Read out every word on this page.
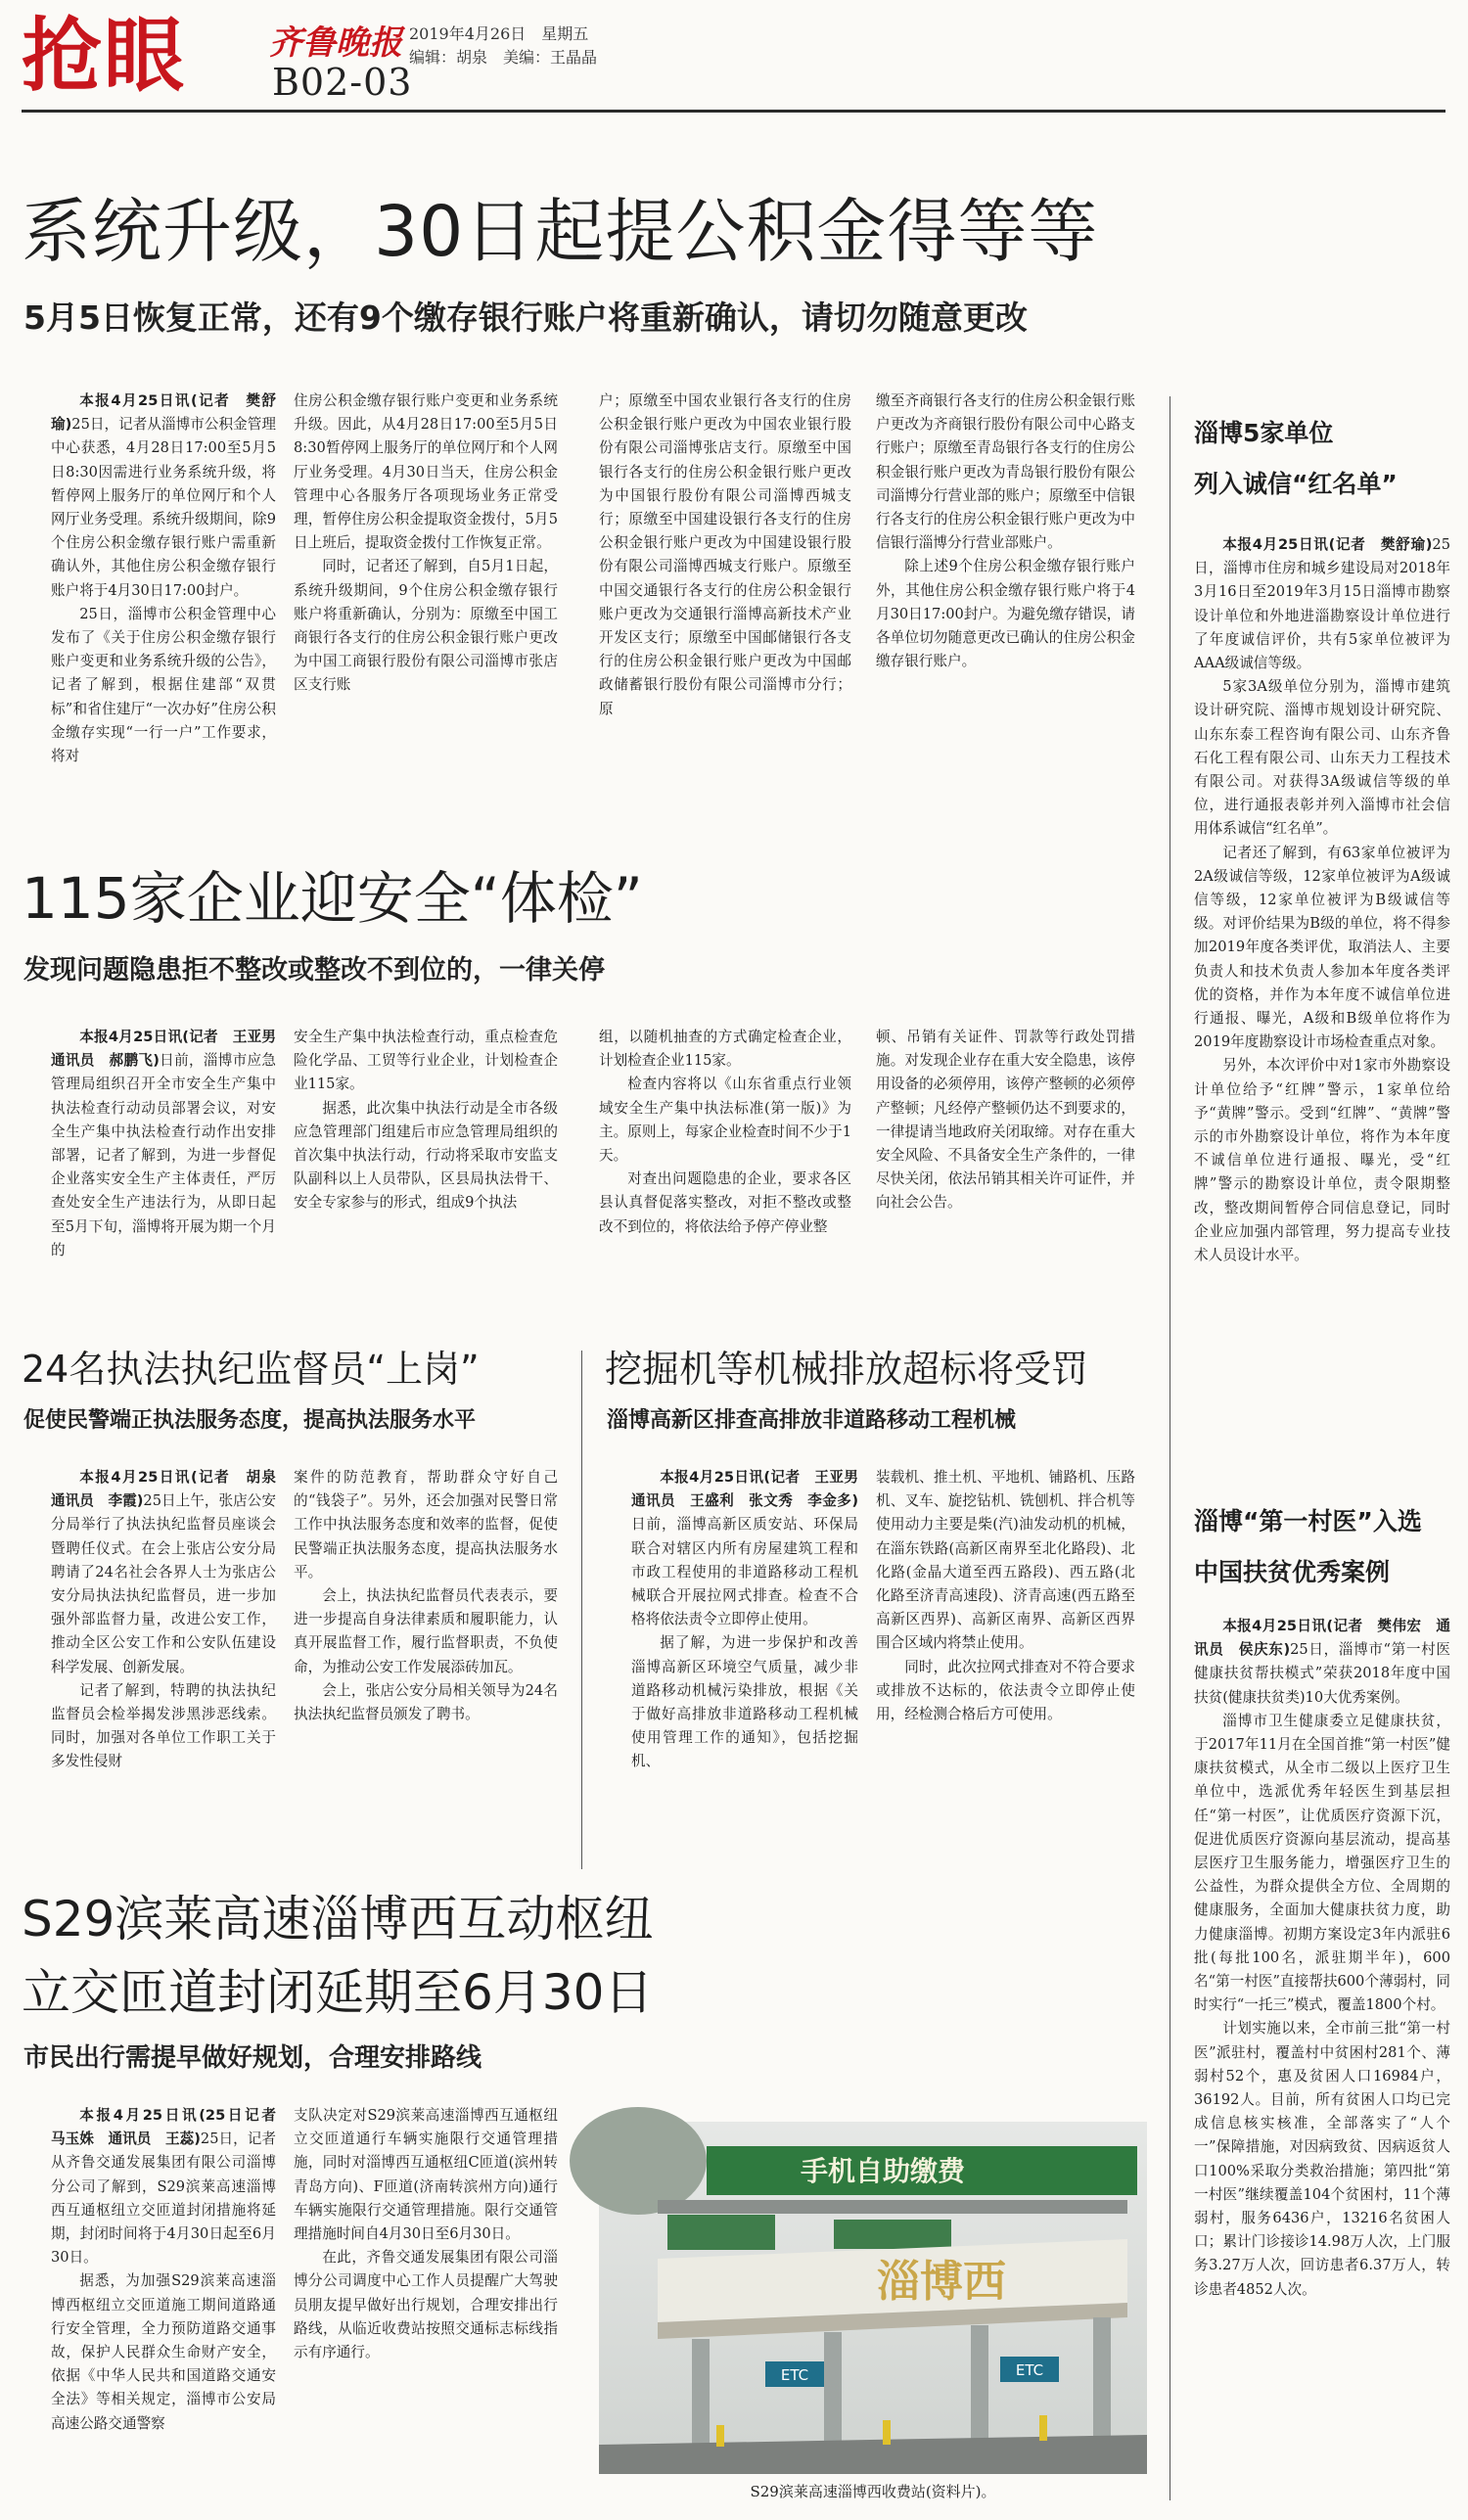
抢眼 齐鲁晚报
B02-03
2019年4月26日　星期五
编辑：胡泉　美编：王晶晶
系统升级，30日起提公积金得等等
5月5日恢复正常，还有9个缴存银行账户将重新确认，请切勿随意更改

本报4月25日讯(记者　樊舒瑜)25日，记者从淄博市公积金管理中心获悉，4月28日17:00至5月5日8:30因需进行业务系统升级，将暂停网上服务厅的单位网厅和个人网厅业务受理。系统升级期间，除9个住房公积金缴存银行账户需重新确认外，其他住房公积金缴存银行账户将于4月30日17:00封户。

25日，淄博市公积金管理中心发布了《关于住房公积金缴存银行账户变更和业务系统升级的公告》，记者了解到，根据住建部“双贯标”和省住建厅“一次办好”住房公积金缴存实现“一行一户”工作要求，将对

住房公积金缴存银行账户变更和业务系统升级。因此，从4月28日17:00至5月5日8:30暂停网上服务厅的单位网厅和个人网厅业务受理。4月30日当天，住房公积金管理中心各服务厅各项现场业务正常受理，暂停住房公积金提取资金拨付，5月5日上班后，提取资金拨付工作恢复正常。

同时，记者还了解到，自5月1日起，系统升级期间，9个住房公积金缴存银行账户将重新确认，分别为：原缴至中国工商银行各支行的住房公积金银行账户更改为中国工商银行股份有限公司淄博市张店区支行账

户；原缴至中国农业银行各支行的住房公积金银行账户更改为中国农业银行股份有限公司淄博张店支行。原缴至中国银行各支行的住房公积金银行账户更改为中国银行股份有限公司淄博西城支行；原缴至中国建设银行各支行的住房公积金银行账户更改为中国建设银行股份有限公司淄博西城支行账户。原缴至中国交通银行各支行的住房公积金银行账户更改为交通银行淄博高新技术产业开发区支行；原缴至中国邮储银行各支行的住房公积金银行账户更改为中国邮政储蓄银行股份有限公司淄博市分行；原

缴至齐商银行各支行的住房公积金银行账户更改为齐商银行股份有限公司中心路支行账户；原缴至青岛银行各支行的住房公积金银行账户更改为青岛银行股份有限公司淄博分行营业部的账户；原缴至中信银行各支行的住房公积金银行账户更改为中信银行淄博分行营业部账户。

除上述9个住房公积金缴存银行账户外，其他住房公积金缴存银行账户将于4月30日17:00封户。为避免缴存错误，请各单位切勿随意更改已确认的住房公积金缴存银行账户。

淄博5家单位
列入诚信“红名单”

本报4月25日讯(记者　樊舒瑜)25日，淄博市住房和城乡建设局对2018年3月16日至2019年3月15日淄博市勘察设计单位和外地进淄勘察设计单位进行了年度诚信评价，共有5家单位被评为AAA级诚信等级。

5家3A级单位分别为，淄博市建筑设计研究院、淄博市规划设计研究院、山东东泰工程咨询有限公司、山东齐鲁石化工程有限公司、山东天力工程技术有限公司。对获得3A级诚信等级的单位，进行通报表彰并列入淄博市社会信用体系诚信“红名单”。

记者还了解到，有63家单位被评为2A级诚信等级，12家单位被评为A级诚信等级，12家单位被评为B级诚信等级。对评价结果为B级的单位，将不得参加2019年度各类评优，取消法人、主要负责人和技术负责人参加本年度各类评优的资格，并作为本年度不诚信单位进行通报、曝光，A级和B级单位将作为2019年度勘察设计市场检查重点对象。

另外，本次评价中对1家市外勘察设计单位给予“红牌”警示，1家单位给予“黄牌”警示。受到“红牌”、“黄牌”警示的市外勘察设计单位，将作为本年度不诚信单位进行通报、曝光，受“红牌”警示的勘察设计单位，责令限期整改，整改期间暂停合同信息登记，同时企业应加强内部管理，努力提高专业技术人员设计水平。

淄博“第一村医”入选
中国扶贫优秀案例

本报4月25日讯(记者　樊伟宏　通讯员　侯庆东)25日，淄博市“第一村医健康扶贫帮扶模式”荣获2018年度中国扶贫(健康扶贫类)10大优秀案例。

淄博市卫生健康委立足健康扶贫，于2017年11月在全国首推“第一村医”健康扶贫模式，从全市二级以上医疗卫生单位中，选派优秀年轻医生到基层担任“第一村医”，让优质医疗资源下沉，促进优质医疗资源向基层流动，提高基层医疗卫生服务能力，增强医疗卫生的公益性，为群众提供全方位、全周期的健康服务，全面加大健康扶贫力度，助力健康淄博。初期方案设定3年内派驻6批(每批100名，派驻期半年)，600名“第一村医”直接帮扶600个薄弱村，同时实行“一托三”模式，覆盖1800个村。

计划实施以来，全市前三批“第一村医”派驻村，覆盖村中贫困村281个、薄弱村52个，惠及贫困人口16984户，36192人。目前，所有贫困人口均已完成信息核实核准，全部落实了“人个一”保障措施，对因病致贫、因病返贫人口100%采取分类救治措施；第四批“第一村医”继续覆盖104个贫困村，11个薄弱村，服务6436户，13216名贫困人口；累计门诊接诊14.98万人次，上门服务3.27万人次，回访患者6.37万人，转诊患者4852人次。

115家企业迎安全“体检”
发现问题隐患拒不整改或整改不到位的，一律关停

本报4月25日讯(记者　王亚男　通讯员　郝鹏飞)日前，淄博市应急管理局组织召开全市安全生产集中执法检查行动动员部署会议，对安全生产集中执法检查行动作出安排部署，记者了解到，为进一步督促企业落实安全生产主体责任，严厉查处安全生产违法行为，从即日起至5月下旬，淄博将开展为期一个月的

安全生产集中执法检查行动，重点检查危险化学品、工贸等行业企业，计划检查企业115家。

据悉，此次集中执法行动是全市各级应急管理部门组建后市应急管理局组织的首次集中执法行动，行动将采取市安监支队副科以上人员带队，区县局执法骨干、安全专家参与的形式，组成9个执法

组，以随机抽查的方式确定检查企业，计划检查企业115家。

检查内容将以《山东省重点行业领域安全生产集中执法标准(第一版)》为主。原则上，每家企业检查时间不少于1天。

对查出问题隐患的企业，要求各区县认真督促落实整改，对拒不整改或整改不到位的，将依法给予停产停业整

顿、吊销有关证件、罚款等行政处罚措施。对发现企业存在重大安全隐患，该停用设备的必须停用，该停产整顿的必须停产整顿；凡经停产整顿仍达不到要求的，一律提请当地政府关闭取缔。对存在重大安全风险、不具备安全生产条件的，一律尽快关闭，依法吊销其相关许可证件，并向社会公告。

24名执法执纪监督员“上岗”
促使民警端正执法服务态度，提高执法服务水平

本报4月25日讯(记者　胡泉　通讯员　李霞)25日上午，张店公安分局举行了执法执纪监督员座谈会暨聘任仪式。在会上张店公安分局聘请了24名社会各界人士为张店公安分局执法执纪监督员，进一步加强外部监督力量，改进公安工作，推动全区公安工作和公安队伍建设科学发展、创新发展。

记者了解到，特聘的执法执纪监督员会检举揭发涉黑涉恶线索。同时，加强对各单位工作职工关于多发性侵财

案件的防范教育，帮助群众守好自己的“钱袋子”。另外，还会加强对民警日常工作中执法服务态度和效率的监督，促使民警端正执法服务态度，提高执法服务水平。

会上，执法执纪监督员代表表示，要进一步提高自身法律素质和履职能力，认真开展监督工作，履行监督职责，不负使命，为推动公安工作发展添砖加瓦。

会上，张店公安分局相关领导为24名执法执纪监督员颁发了聘书。

挖掘机等机械排放超标将受罚
淄博高新区排查高排放非道路移动工程机械

本报4月25日讯(记者　王亚男　通讯员　王盛利　张文秀　李金多)日前，淄博高新区质安站、环保局联合对辖区内所有房屋建筑工程和市政工程使用的非道路移动工程机械联合开展拉网式排查。检查不合格将依法责令立即停止使用。

据了解，为进一步保护和改善淄博高新区环境空气质量，减少非道路移动机械污染排放，根据《关于做好高排放非道路移动工程机械使用管理工作的通知》，包括挖掘机、

装载机、推土机、平地机、铺路机、压路机、叉车、旋挖钻机、铣刨机、拌合机等使用动力主要是柴(汽)油发动机的机械，在淄东铁路(高新区南界至北化路段)、北化路(金晶大道至西五路段)、西五路(北化路至济青高速段)、济青高速(西五路至高新区西界)、高新区南界、高新区西界围合区域内将禁止使用。

同时，此次拉网式排查对不符合要求或排放不达标的，依法责令立即停止使用，经检测合格后方可使用。

S29滨莱高速淄博西互动枢纽
立交匝道封闭延期至6月30日
市民出行需提早做好规划，合理安排路线

本报4月25日讯(25日记者　马玉姝　通讯员　王蕊)25日，记者从齐鲁交通发展集团有限公司淄博分公司了解到，S29滨莱高速淄博西互通枢纽立交匝道封闭措施将延期，封闭时间将于4月30日起至6月30日。

据悉，为加强S29滨莱高速淄博西枢纽立交匝道施工期间道路通行安全管理，全力预防道路交通事故，保护人民群众生命财产安全，依据《中华人民共和国道路交通安全法》等相关规定，淄博市公安局高速公路交通警察

支队决定对S29滨莱高速淄博西互通枢纽立交匝道通行车辆实施限行交通管理措施，同时对淄博西互通枢纽C匝道(滨州转青岛方向)、F匝道(济南转滨州方向)通行车辆实施限行交通管理措施。限行交通管理措施时间自4月30日至6月30日。

在此，齐鲁交通发展集团有限公司淄博分公司调度中心工作人员提醒广大驾驶员朋友提早做好出行规划，合理安排出行路线，从临近收费站按照交通标志标线指示有序通行。

手机自助缴费
淄博西
ETC	ETC
S29滨莱高速淄博西收费站(资料片)。
